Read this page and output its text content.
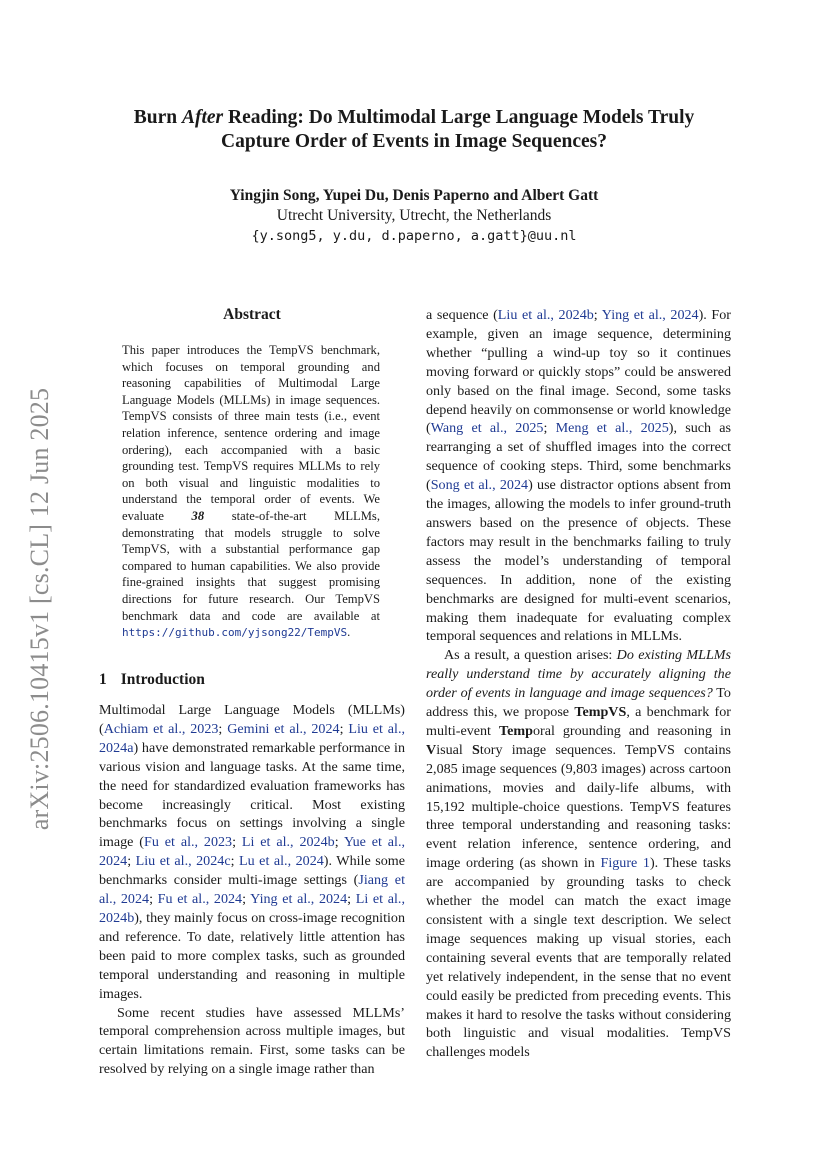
Burn After Reading: Do Multimodal Large Language Models Truly
Capture Order of Events in Image Sequences?
Yingjin Song, Yupei Du, Denis Paperno and Albert Gatt
Utrecht University, Utrecht, the Netherlands
{y.song5, y.du, d.paperno, a.gatt}@uu.nl
arXiv:2506.10415v1 [cs.CL] 12 Jun 2025
Abstract
This paper introduces the TempVS benchmark, which focuses on temporal grounding and reasoning capabilities of Multimodal Large Language Models (MLLMs) in image sequences. TempVS consists of three main tests (i.e., event relation inference, sentence ordering and image ordering), each accompanied with a basic grounding test. TempVS requires MLLMs to rely on both visual and linguistic modalities to understand the temporal order of events. We evaluate 38 state-of-the-art MLLMs, demonstrating that models struggle to solve TempVS, with a substantial performance gap compared to human capabilities. We also provide fine-grained insights that suggest promising directions for future research. Our TempVS benchmark data and code are available at https://github.com/yjsong22/TempVS.
1 Introduction

Multimodal Large Language Models (MLLMs) (Achiam et al., 2023; Gemini et al., 2024; Liu et al., 2024a) have demonstrated remarkable performance in various vision and language tasks. At the same time, the need for standardized evaluation frameworks has become increasingly critical. Most existing benchmarks focus on settings involving a single image (Fu et al., 2023; Li et al., 2024b; Yue et al., 2024; Liu et al., 2024c; Lu et al., 2024). While some benchmarks consider multi-image settings (Jiang et al., 2024; Fu et al., 2024; Ying et al., 2024; Li et al., 2024b), they mainly focus on cross-image recognition and reference. To date, relatively little attention has been paid to more complex tasks, such as grounded temporal understanding and reasoning in multiple images.

Some recent studies have assessed MLLMs’ temporal comprehension across multiple images, but certain limitations remain. First, some tasks can be resolved by relying on a single image rather than

a sequence (Liu et al., 2024b; Ying et al., 2024). For example, given an image sequence, determining whether “pulling a wind-up toy so it continues moving forward or quickly stops” could be answered only based on the final image. Second, some tasks depend heavily on commonsense or world knowledge (Wang et al., 2025; Meng et al., 2025), such as rearranging a set of shuffled images into the correct sequence of cooking steps. Third, some benchmarks (Song et al., 2024) use distractor options absent from the images, allowing the models to infer ground-truth answers based on the presence of objects. These factors may result in the benchmarks failing to truly assess the model’s understanding of temporal sequences. In addition, none of the existing benchmarks are designed for multi-event scenarios, making them inadequate for evaluating complex temporal sequences and relations in MLLMs.

As a result, a question arises: Do existing MLLMs really understand time by accurately aligning the order of events in language and image sequences? To address this, we propose TempVS, a benchmark for multi-event Temporal grounding and reasoning in Visual Story image sequences. TempVS contains 2,085 image sequences (9,803 images) across cartoon animations, movies and daily-life albums, with 15,192 multiple-choice questions. TempVS features three temporal understanding and reasoning tasks: event relation inference, sentence ordering, and image ordering (as shown in Figure 1). These tasks are accompanied by grounding tasks to check whether the model can match the exact image consistent with a single text description. We select image sequences making up visual stories, each containing several events that are temporally related yet relatively independent, in the sense that no event could easily be predicted from preceding events. This makes it hard to resolve the tasks without considering both linguistic and visual modalities. TempVS challenges models
